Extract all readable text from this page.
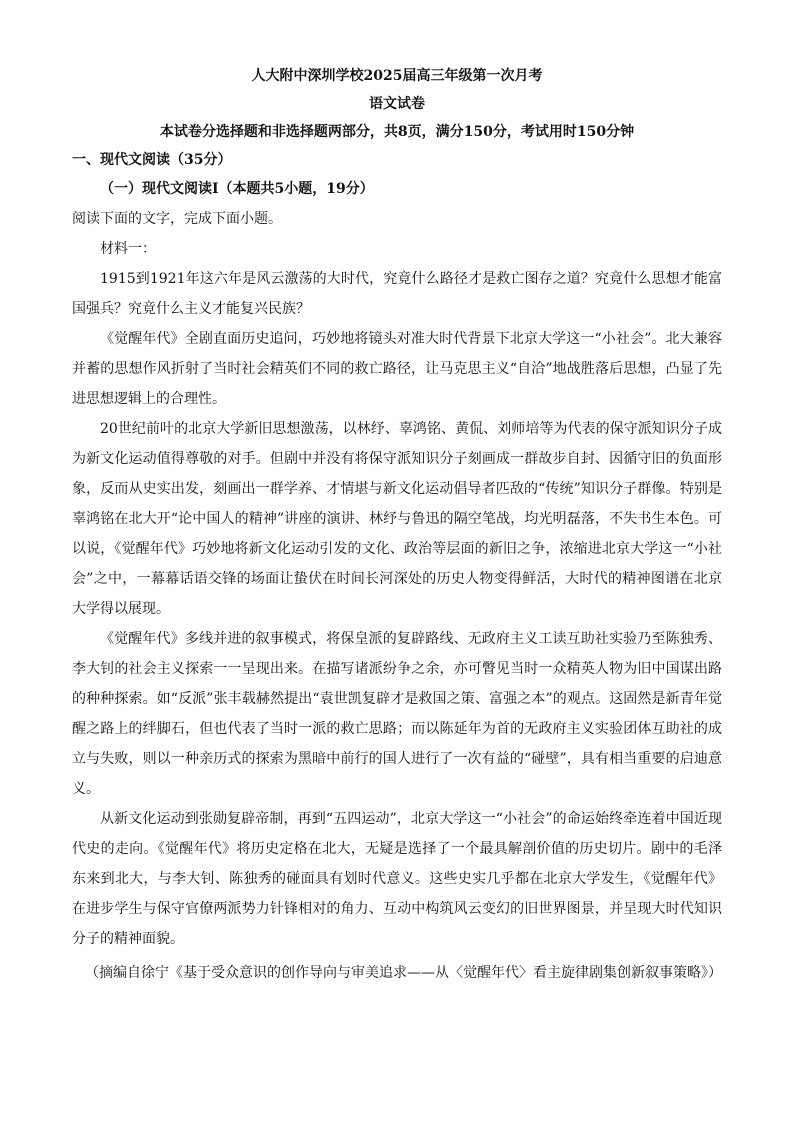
人大附中深圳学校2025届高三年级第一次月考

语文试卷

本试卷分选择题和非选择题两部分，共8页，满分150分，考试用时150分钟

一、现代文阅读（35分）

（一）现代文阅读Ⅰ（本题共5小题，19分）

阅读下面的文字，完成下面小题。

材料一：

1915到1921年这六年是风云激荡的大时代，究竟什么路径才是救亡图存之道？究竟什么思想才能富国强兵？究竟什么主义才能复兴民族？

《觉醒年代》全剧直面历史追问，巧妙地将镜头对准大时代背景下北京大学这一“小社会”。北大兼容并蓄的思想作风折射了当时社会精英们不同的救亡路径，让马克思主义“自洽”地战胜落后思想，凸显了先进思想逻辑上的合理性。

20世纪前叶的北京大学新旧思想激荡，以林纾、辜鸿铭、黄侃、刘师培等为代表的保守派知识分子成为新文化运动值得尊敬的对手。但剧中并没有将保守派知识分子刻画成一群故步自封、因循守旧的负面形象，反而从史实出发，刻画出一群学养、才情堪与新文化运动倡导者匹敌的“传统”知识分子群像。特别是辜鸿铭在北大开“论中国人的精神”讲座的演讲、林纾与鲁迅的隔空笔战，均光明磊落，不失书生本色。可以说，《觉醒年代》巧妙地将新文化运动引发的文化、政治等层面的新旧之争，浓缩进北京大学这一“小社会”之中，一幕幕话语交锋的场面让蛰伏在时间长河深处的历史人物变得鲜活，大时代的精神图谱在北京大学得以展现。

《觉醒年代》多线并进的叙事模式，将保皇派的复辟路线、无政府主义工读互助社实验乃至陈独秀、李大钊的社会主义探索一一呈现出来。在描写诸派纷争之余，亦可瞥见当时一众精英人物为旧中国谋出路的种种探索。如“反派”张丰载赫然提出“袁世凯复辟才是救国之策、富强之本”的观点。这固然是新青年觉醒之路上的绊脚石，但也代表了当时一派的救亡思路；而以陈延年为首的无政府主义实验团体互助社的成立与失败，则以一种亲历式的探索为黑暗中前行的国人进行了一次有益的“碰壁”，具有相当重要的启迪意义。

从新文化运动到张勋复辟帝制，再到“五四运动”，北京大学这一“小社会”的命运始终牵连着中国近现代史的走向。《觉醒年代》将历史定格在北大，无疑是选择了一个最具解剖价值的历史切片。剧中的毛泽东来到北大，与李大钊、陈独秀的碰面具有划时代意义。这些史实几乎都在北京大学发生，《觉醒年代》在进步学生与保守官僚两派势力针锋相对的角力、互动中构筑风云变幻的旧世界图景，并呈现大时代知识分子的精神面貌。

（摘编自徐宁《基于受众意识的创作导向与审美追求——从〈觉醒年代〉看主旋律剧集创新叙事策略》）
